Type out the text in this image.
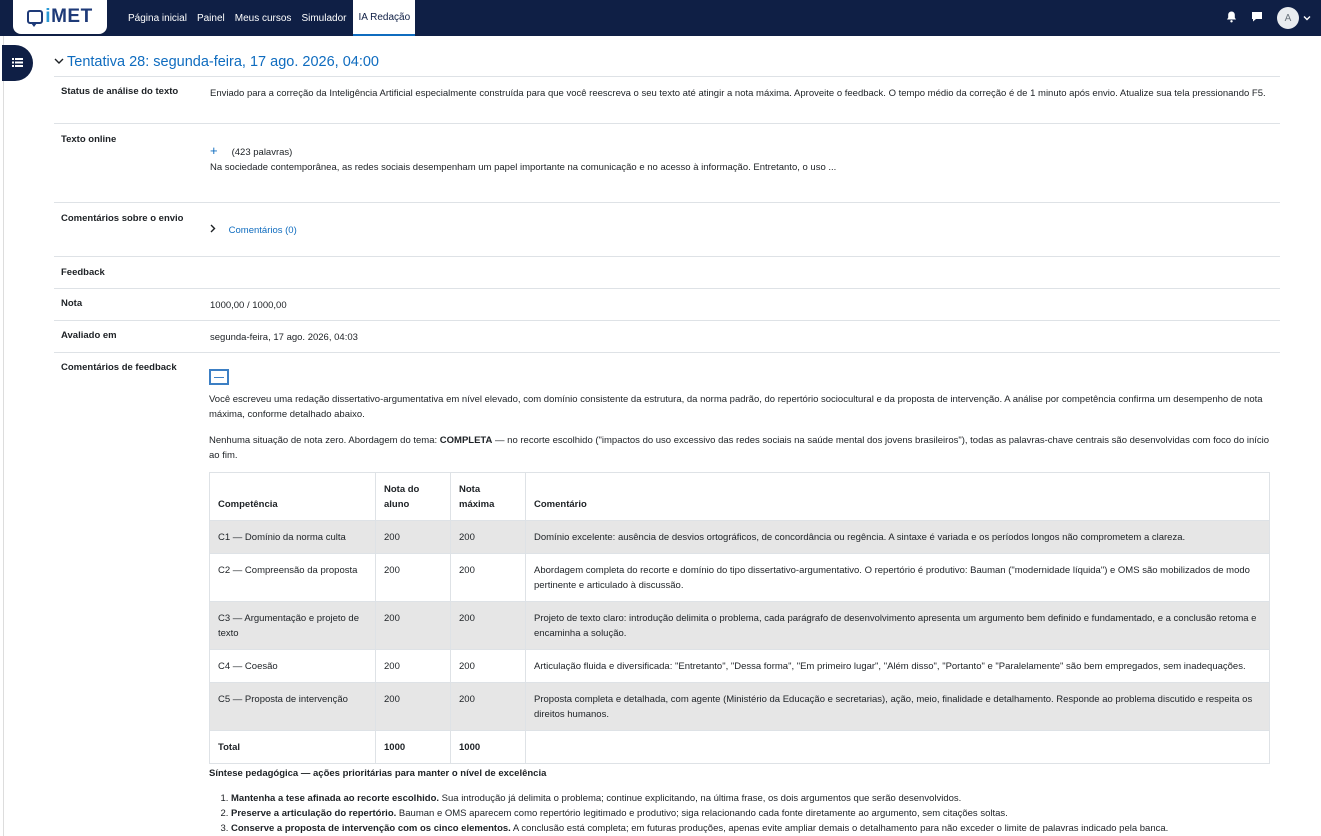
iMET	Página inicial	Painel	Meus cursos	Simulador	IA Redação	A
Tentativa 28: segunda-feira, 17 ago. 2026, 04:00
Status de análise do texto	Enviado para a correção da Inteligência Artificial especialmente construída para que você reescreva o seu texto até atingir a nota máxima. Aproveite o feedback. O tempo médio da correção é de 1 minuto após envio. Atualize sua tela pressionando F5.
Texto online
+ (423 palavras)
Na sociedade contemporânea, as redes sociais desempenham um papel importante na comunicação e no acesso à informação. Entretanto, o uso ...
Comentários sobre o envio
Comentários (0)
Feedback
Nota	1000,00 / 1000,00
Avaliado em	segunda-feira, 17 ago. 2026, 04:03
Comentários de feedback

Você escreveu uma redação dissertativo-argumentativa em nível elevado, com domínio consistente da estrutura, da norma padrão, do repertório sociocultural e da proposta de intervenção. A análise por competência confirma um desempenho de nota máxima, conforme detalhado abaixo.

Nenhuma situação de nota zero. Abordagem do tema: COMPLETA — no recorte escolhido ("impactos do uso excessivo das redes sociais na saúde mental dos jovens brasileiros"), todas as palavras-chave centrais são desenvolvidas com foco do início ao fim.

Competência	Nota do aluno	Nota máxima	Comentário
C1 — Domínio da norma culta	200	200	Domínio excelente: ausência de desvios ortográficos, de concordância ou regência. A sintaxe é variada e os períodos longos não comprometem a clareza.
C2 — Compreensão da proposta	200	200	Abordagem completa do recorte e domínio do tipo dissertativo-argumentativo. O repertório é produtivo: Bauman ("modernidade líquida") e OMS são mobilizados de modo pertinente e articulado à discussão.
C3 — Argumentação e projeto de texto	200	200	Projeto de texto claro: introdução delimita o problema, cada parágrafo de desenvolvimento apresenta um argumento bem definido e fundamentado, e a conclusão retoma e encaminha a solução.
C4 — Coesão	200	200	Articulação fluida e diversificada: "Entretanto", "Dessa forma", "Em primeiro lugar", "Além disso", "Portanto" e "Paralelamente" são bem empregados, sem inadequações.
C5 — Proposta de intervenção	200	200	Proposta completa e detalhada, com agente (Ministério da Educação e secretarias), ação, meio, finalidade e detalhamento. Responde ao problema discutido e respeita os direitos humanos.
Total	1000	1000	

Síntese pedagógica — ações prioritárias para manter o nível de excelência

1. Mantenha a tese afinada ao recorte escolhido. Sua introdução já delimita o problema; continue explicitando, na última frase, os dois argumentos que serão desenvolvidos.
2. Preserve a articulação do repertório. Bauman e OMS aparecem como repertório legitimado e produtivo; siga relacionando cada fonte diretamente ao argumento, sem citações soltas.
3. Conserve a proposta de intervenção com os cinco elementos. A conclusão está completa; em futuras produções, apenas evite ampliar demais o detalhamento para não exceder o limite de palavras indicado pela banca.
